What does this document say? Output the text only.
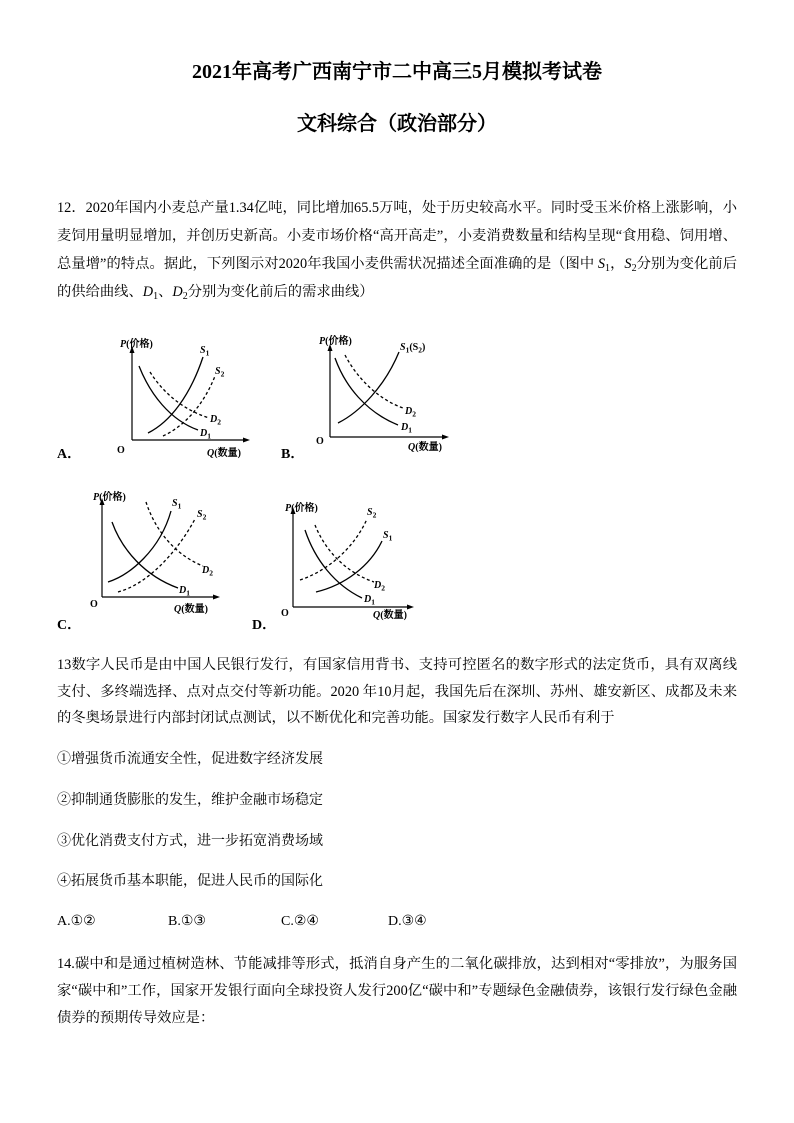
2021年高考广西南宁市二中高三5月模拟考试卷
文科综合（政治部分）

12．2020年国内小麦总产量1.34亿吨，同比增加65.5万吨，处于历史较高水平。同时受玉米价格上涨影响，小麦饲用量明显增加，并创历史新高。小麦市场价格“高开高走”，小麦消费数量和结构呈现“食用稳、饲用增、总量增”的特点。据此，下列图示对2020年我国小麦供需状况描述全面准确的是（图中 $S_1$，$S_2$分别为变化前后的供给曲线、$D_1$、$D_2$分别为变化前后的需求曲线）

A．
P(价格)
O	Q(数量)
$S_1$
$S_2$
$D_2$
$D_1$
B．
P(价格)
O
Q(数量)
$S_1(S_2)$
$D_2$
$D_1$
C．
P(价格)
O	Q(数量)
$S_1$
$S_2$
$D_2$
$D_1$
D．
P(价格)
O	Q(数量)
$S_2$
$S_1$
$D_2$
$D_1$

13数字人民币是由中国人民银行发行，有国家信用背书、支持可控匿名的数字形式的法定货币，具有双离线支付、多终端选择、点对点交付等新功能。2020 年10月起，我国先后在深圳、苏州、雄安新区、成都及未来的冬奥场景进行内部封闭试点测试，以不断优化和完善功能。国家发行数字人民币有利于

①增强货币流通安全性，促进数字经济发展
②抑制通货膨胀的发生，维护金融市场稳定
③优化消费支付方式，进一步拓宽消费场域
④拓展货币基本职能，促进人民币的国际化
A.①②	B.①③	C.②④	D.③④

14.碳中和是通过植树造林、节能减排等形式，抵消自身产生的二氧化碳排放，达到相对“零排放”，为服务国家“碳中和”工作，国家开发银行面向全球投资人发行200亿“碳中和”专题绿色金融债券，该银行发行绿色金融债券的预期传导效应是：
